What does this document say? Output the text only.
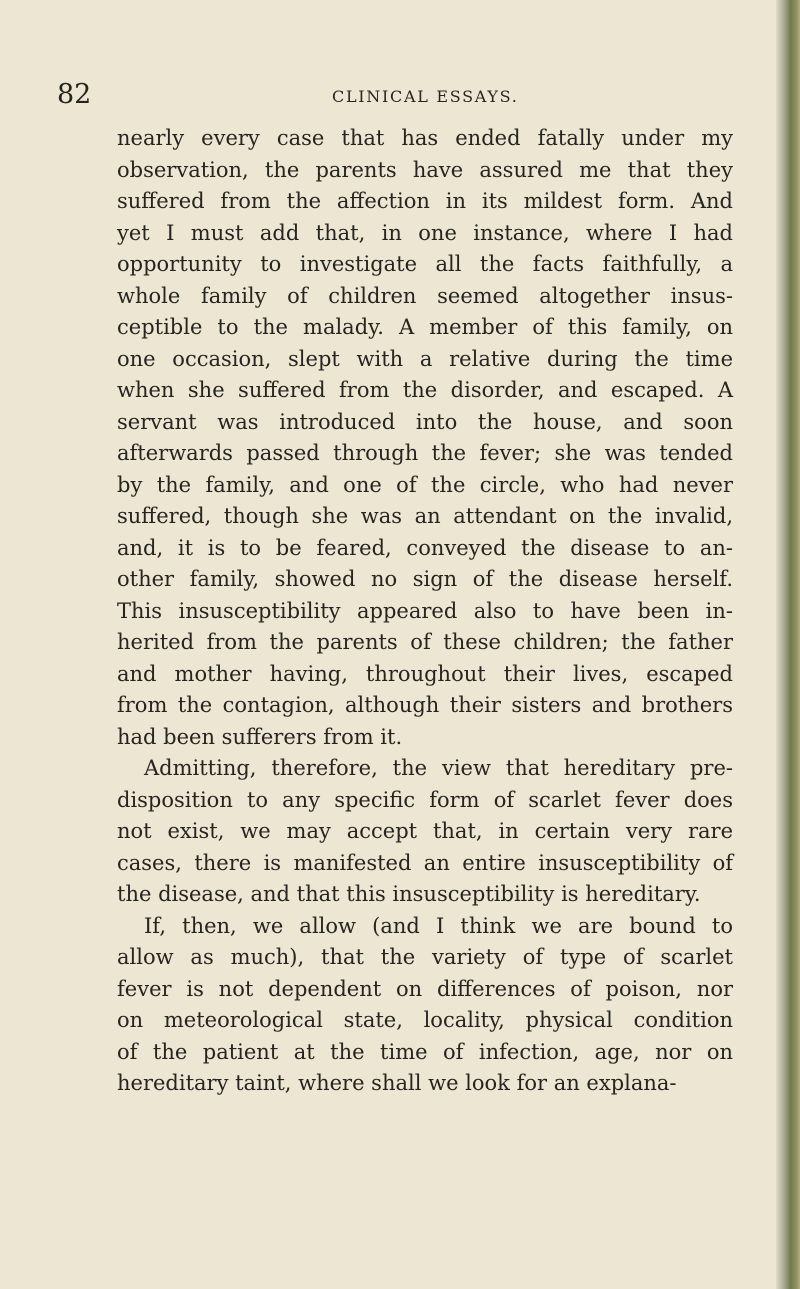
82	CLINICAL ESSAYS.
nearly every case that has ended fatally under my
observation, the parents have assured me that they
suffered from the affection in its mildest form. And
yet I must add that, in one instance, where I had
opportunity to investigate all the facts faithfully, a
whole family of children seemed altogether insus-
ceptible to the malady. A member of this family, on
one occasion, slept with a relative during the time
when she suffered from the disorder, and escaped. A
servant was introduced into the house, and soon
afterwards passed through the fever; she was tended
by the family, and one of the circle, who had never
suffered, though she was an attendant on the invalid,
and, it is to be feared, conveyed the disease to an-
other family, showed no sign of the disease herself.
This insusceptibility appeared also to have been in-
herited from the parents of these children; the father
and mother having, throughout their lives, escaped
from the contagion, although their sisters and brothers
had been sufferers from it.
Admitting, therefore, the view that hereditary pre-
disposition to any specific form of scarlet fever does
not exist, we may accept that, in certain very rare
cases, there is manifested an entire insusceptibility of
the disease, and that this insusceptibility is hereditary.
If, then, we allow (and I think we are bound to
allow as much), that the variety of type of scarlet
fever is not dependent on differences of poison, nor
on meteorological state, locality, physical condition
of the patient at the time of infection, age, nor on
hereditary taint, where shall we look for an explana-
